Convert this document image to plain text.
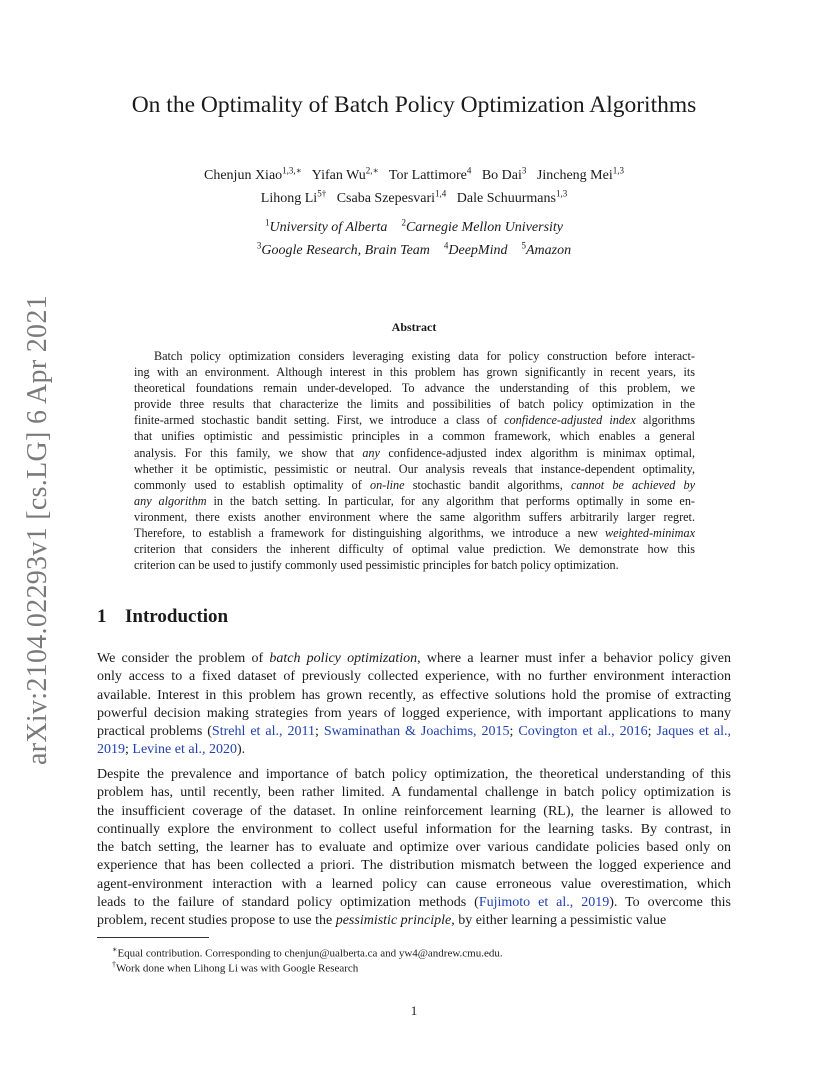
On the Optimality of Batch Policy Optimization Algorithms
Chenjun Xiao$^{1,3,∗}$ Yifan $Wu^{2,∗}$ Tor Lattimore$^4$ Bo Dai$^3$ Jincheng Mei$^{1,3}$
Lihong $Li^{5\dagger}$ Csaba Szepesvari$^{1,4}$ Dale Schuurmans$^{1,3}$
$^1$University of Alberta $^2$Carnegie Mellon University
$^3$Google Research, Brain Team $^4$DeepMind $^5$Amazon
arXiv:2104.02293v1 [cs.LG] 6 Apr 2021	Abstract
Batch policy optimization considers leveraging existing data for policy construction before interact-
ing with an environment. Although interest in this problem has grown significantly in recent years, its
theoretical foundations remain under-developed. To advance the understanding of this problem, we
provide three results that characterize the limits and possibilities of batch policy optimization in the
finite-armed stochastic bandit setting. First, we introduce a class of confidence-adjusted index algorithms
that unifies optimistic and pessimistic principles in a common framework, which enables a general
analysis. For this family, we show that any confidence-adjusted index algorithm is minimax optimal,
whether it be optimistic, pessimistic or neutral. Our analysis reveals that instance-dependent optimality,
commonly used to establish optimality of on-line stochastic bandit algorithms, cannot be achieved by
any algorithm in the batch setting. In particular, for any algorithm that performs optimally in some en-
vironment, there exists another environment where the same algorithm suffers arbitrarily larger regret.
Therefore, to establish a framework for distinguishing algorithms, we introduce a new weighted-minimax
criterion that considers the inherent difficulty of optimal value prediction. We demonstrate how this
criterion can be used to justify commonly used pessimistic principles for batch policy optimization.
1 Introduction
We consider the problem of batch policy optimization, where a learner must infer a behavior policy given
only access to a fixed dataset of previously collected experience, with no further environment interaction
available. Interest in this problem has grown recently, as effective solutions hold the promise of extracting
powerful decision making strategies from years of logged experience, with important applications to many
practical problems (Strehl et al., 2011; Swaminathan & Joachims, 2015; Covington et al., 2016; Jaques et al.,
2019; Levine et al., 2020).
Despite the prevalence and importance of batch policy optimization, the theoretical understanding of this
problem has, until recently, been rather limited. A fundamental challenge in batch policy optimization is
the insufficient coverage of the dataset. In online reinforcement learning (RL), the learner is allowed to
continually explore the environment to collect useful information for the learning tasks. By contrast, in
the batch setting, the learner has to evaluate and optimize over various candidate policies based only on
experience that has been collected a priori. The distribution mismatch between the logged experience and
agent-environment interaction with a learned policy can cause erroneous value overestimation, which
leads to the failure of standard policy optimization methods (Fujimoto et al., 2019). To overcome this
problem, recent studies propose to use the pessimistic principle, by either learning a pessimistic value
∗Equal contribution. Corresponding to chenjun@ualberta.ca and yw4@andrew.cmu.edu.
†Work done when Lihong Li was with Google Research
1
